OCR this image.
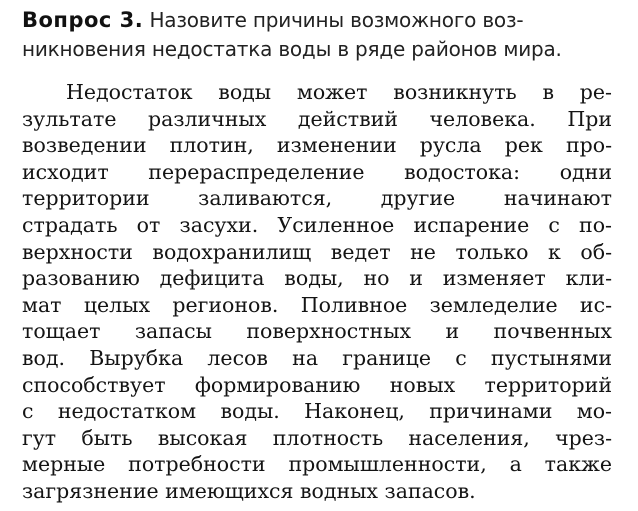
Вопрос 3. Назовите причины возможного воз-
никновения недостатка воды в ряде районов мира.
Недостаток воды может возникнуть в ре-
зультате различных действий человека. При
возведении плотин, изменении русла рек про-
исходит перераспределение водостока: одни
территории заливаются, другие начинают
страдать от засухи. Усиленное испарение с по-
верхности водохранилищ ведет не только к об-
разованию дефицита воды, но и изменяет кли-
мат целых регионов. Поливное земледелие ис-
тощает запасы поверхностных и почвенных
вод. Вырубка лесов на границе с пустынями
способствует формированию новых территорий
с недостатком воды. Наконец, причинами мо-
гут быть высокая плотность населения, чрез-
мерные потребности промышленности, а также
загрязнение имеющихся водных запасов.
